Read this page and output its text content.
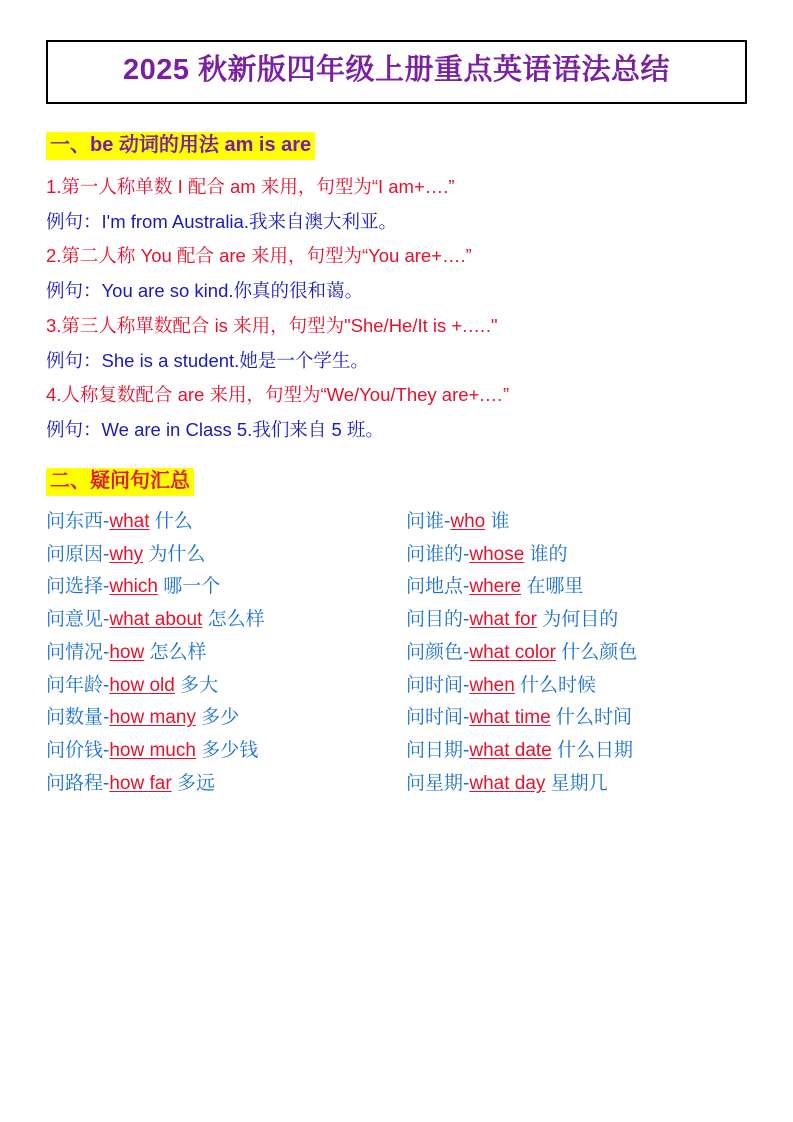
2025 秋新版四年级上册重点英语语法总结
一、be 动词的用法 am is are
1.第一人称单数 I 配合 am 来用，句型为“I am+….”
例句：I'm from Australia.我来自澳大利亚。
2.第二人称 You 配合 are 来用，句型为“You are+….”
例句：You are so kind.你真的很和蔼。
3.第三人称單数配合 is 来用，句型为"She/He/It is +.…."
例句：She is a student.她是一个学生。
4.人称复数配合 are 来用，句型为“We/You/They are+.…”
例句：We are in Class 5.我们来自 5 班。
二、疑问句汇总
问东西-what 什么	问谁-who 谁
问原因-why 为什么	问谁的-whose 谁的
问选择-which 哪一个	问地点-where 在哪里
问意见-what about 怎么样	问目的-what for 为何目的
问情况-how 怎么样	问颜色-what color 什么颜色
问年龄-how old 多大	问时间-when 什么时候
问数量-how many 多少	问时间-what time 什么时间
问价钱-how much 多少钱	问日期-what date 什么日期
问路程-how far 多远	问星期-what day 星期几
